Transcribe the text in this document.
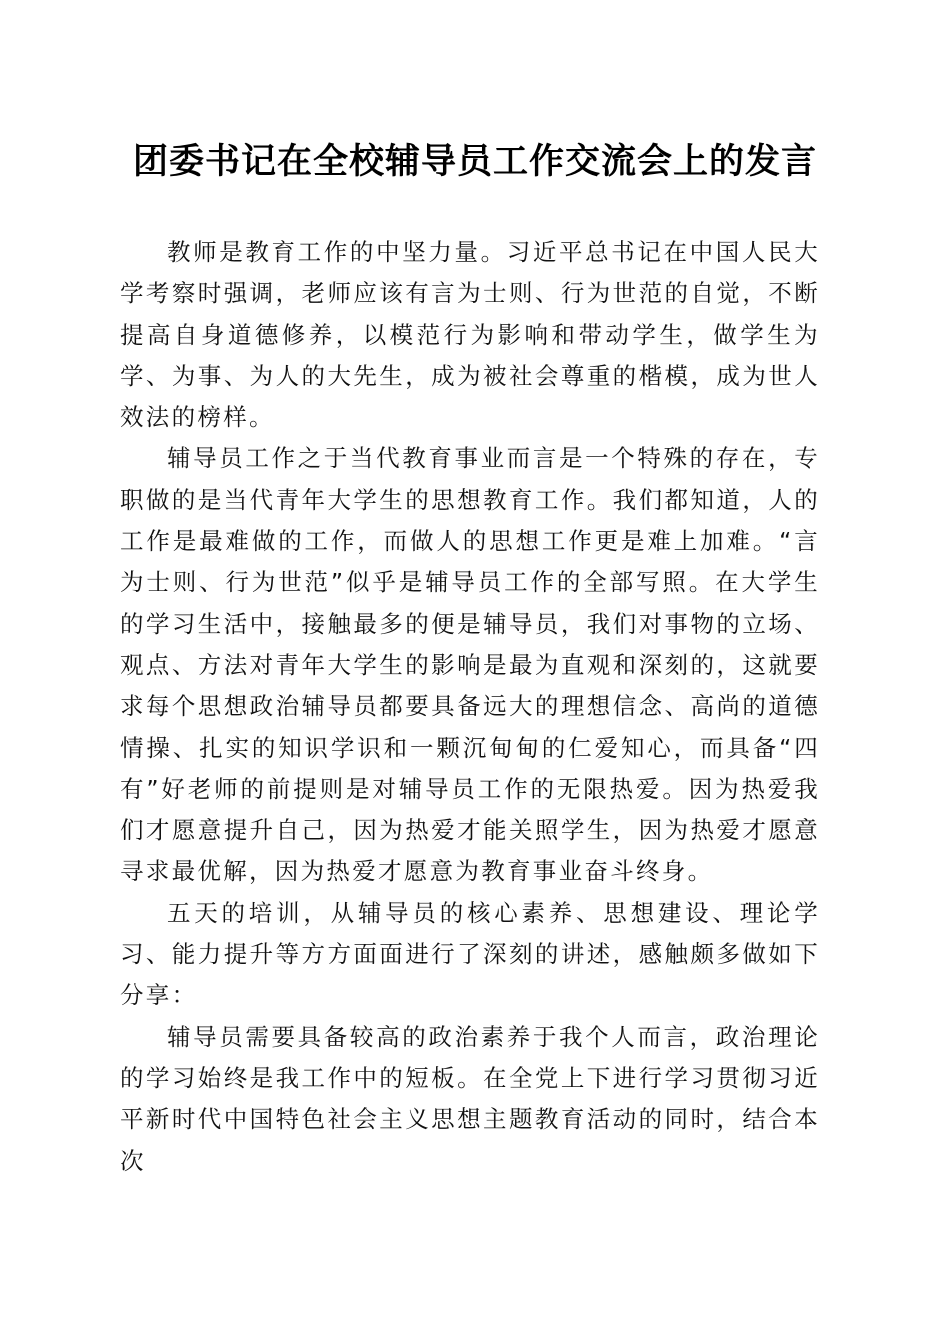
团委书记在全校辅导员工作交流会上的发言

教师是教育工作的中坚力量。习近平总书记在中国人民大学考察时强调，老师应该有言为士则、行为世范的自觉，不断提高自身道德修养，以模范行为影响和带动学生，做学生为学、为事、为人的大先生，成为被社会尊重的楷模，成为世人效法的榜样。

辅导员工作之于当代教育事业而言是一个特殊的存在，专职做的是当代青年大学生的思想教育工作。我们都知道，人的工作是最难做的工作，而做人的思想工作更是难上加难。“言为士则、行为世范”似乎是辅导员工作的全部写照。在大学生的学习生活中，接触最多的便是辅导员，我们对事物的立场、观点、方法对青年大学生的影响是最为直观和深刻的，这就要求每个思想政治辅导员都要具备远大的理想信念、高尚的道德情操、扎实的知识学识和一颗沉甸甸的仁爱知心，而具备“四有”好老师的前提则是对辅导员工作的无限热爱。因为热爱我们才愿意提升自己，因为热爱才能关照学生，因为热爱才愿意寻求最优解，因为热爱才愿意为教育事业奋斗终身。

五天的培训，从辅导员的核心素养、思想建设、理论学习、能力提升等方方面面进行了深刻的讲述，感触颇多做如下分享：

辅导员需要具备较高的政治素养于我个人而言，政治理论的学习始终是我工作中的短板。在全党上下进行学习贯彻习近平新时代中国特色社会主义思想主题教育活动的同时，结合本次
